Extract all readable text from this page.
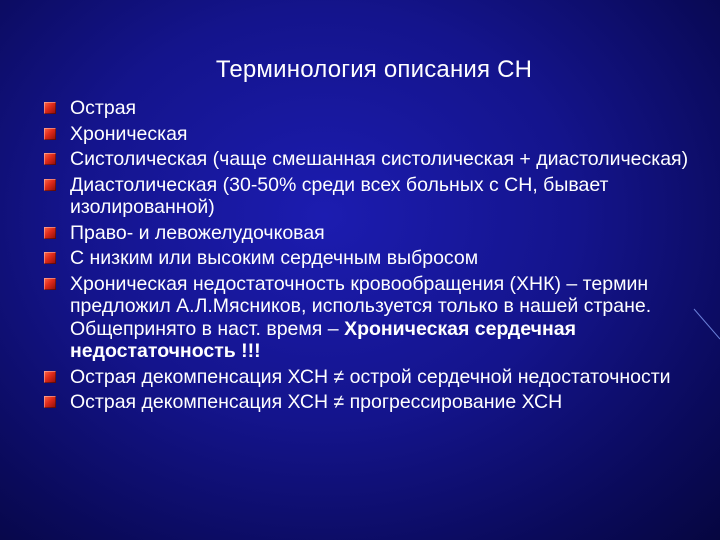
Терминология описания СН
Острая
Хроническая
Систолическая (чаще смешанная систолическая + диастолическая)
Диастолическая (30-50% среди всех больных с СН, бывает изолированной)
Право- и левожелудочковая
С низким или высоким сердечным выбросом
Хроническая недостаточность кровообращения (ХНК) – термин предложил А.Л.Мясников, используется только в нашей стране. Общепринято в наст. время – Хроническая сердечная недостаточность !!!
Острая декомпенсация ХСН ≠ острой сердечной недостаточности
Острая декомпенсация ХСН ≠ прогрессирование ХСН
